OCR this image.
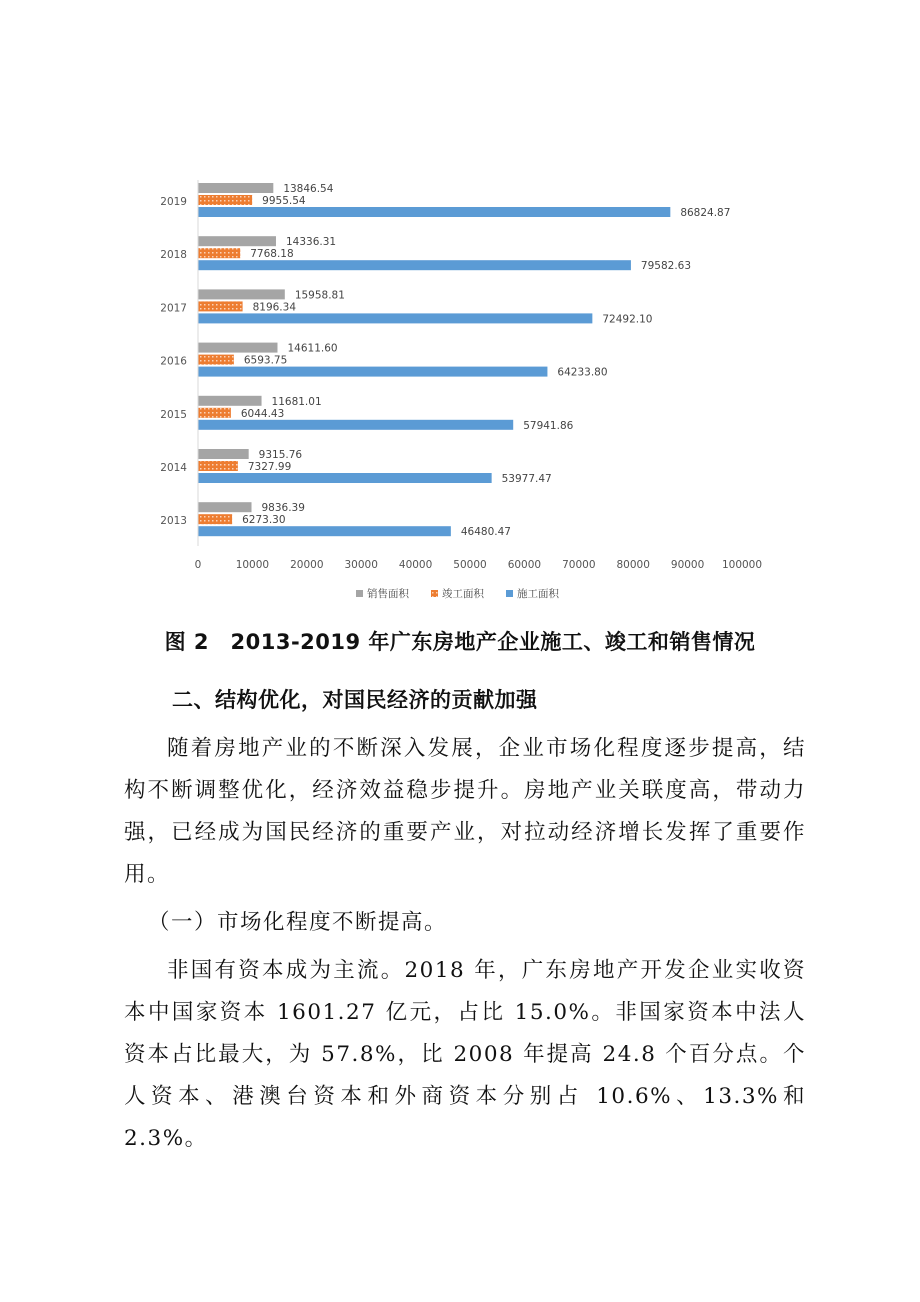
2019
13846.54
9955.54
86824.87
2018
14336.31
7768.18
79582.63
2017
15958.81
8196.34
72492.10
2016
14611.60
6593.75
64233.80
2015
11681.01
6044.43
57941.86
2014
9315.76
7327.99
53977.47
2013
9836.39
6273.30
46480.47
0	10000 20000 30000 40000 50000 60000 70000 80000 90000 100000
销售面积	竣工面积	施工面积
图 2　2013-2019 年广东房地产企业施工、竣工和销售情况
二、结构优化，对国民经济的贡献加强

随着房地产业的不断深入发展，企业市场化程度逐步提高，结构不断调整优化，经济效益稳步提升。房地产业关联度高，带动力强，已经成为国民经济的重要产业，对拉动经济增长发挥了重要作用。

（一）市场化程度不断提高。

非国有资本成为主流。2018 年，广东房地产开发企业实收资本中国家资本 1601.27 亿元，占比 15.0%。非国家资本中法人资本占比最大，为 57.8%，比 2008 年提高 24.8 个百分点。个人资本、港澳台资本和外商资本分别占 10.6%、13.3%和 2.3%。
